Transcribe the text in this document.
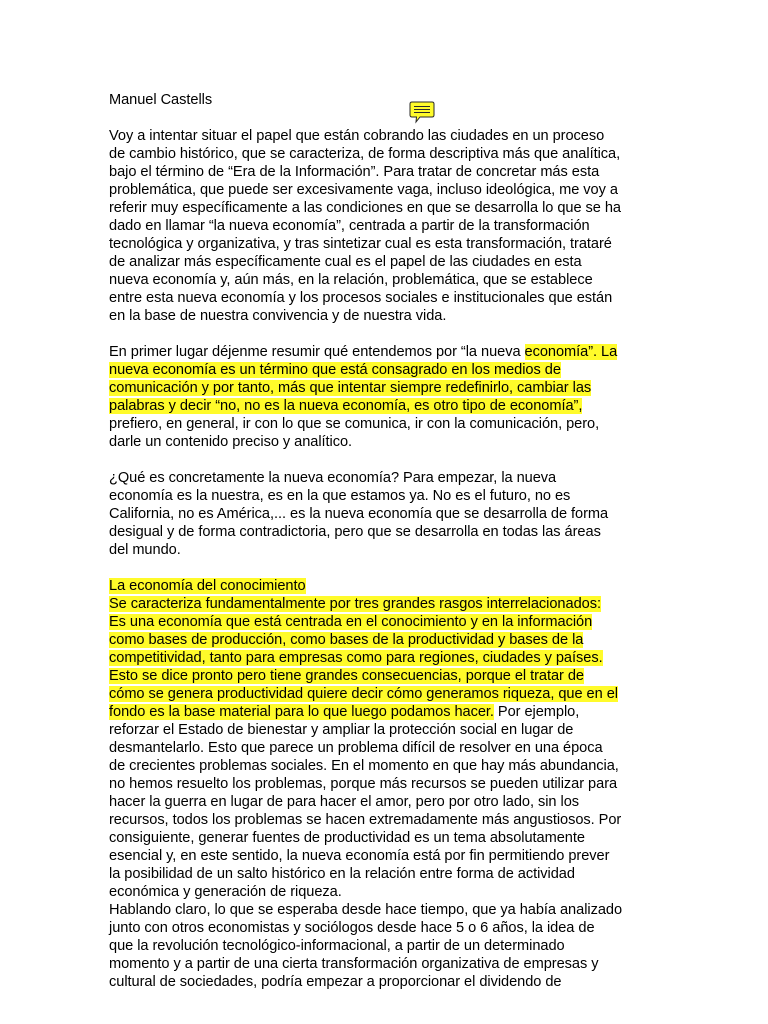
Manuel Castells
Voy a intentar situar el papel que están cobrando las ciudades en un proceso
de cambio histórico, que se caracteriza, de forma descriptiva más que analítica,
bajo el término de “Era de la Información”. Para tratar de concretar más esta
problemática, que puede ser excesivamente vaga, incluso ideológica, me voy a
referir muy específicamente a las condiciones en que se desarrolla lo que se ha
dado en llamar “la nueva economía”, centrada a partir de la transformación
tecnológica y organizativa, y tras sintetizar cual es esta transformación, trataré
de analizar más específicamente cual es el papel de las ciudades en esta
nueva economía y, aún más, en la relación, problemática, que se establece
entre esta nueva economía y los procesos sociales e institucionales que están
en la base de nuestra convivencia y de nuestra vida.
En primer lugar déjenme resumir qué entendemos por “la nueva economía”. La
nueva economía es un término que está consagrado en los medios de
comunicación y por tanto, más que intentar siempre redefinirlo, cambiar las
palabras y decir “no, no es la nueva economía, es otro tipo de economía”,
prefiero, en general, ir con lo que se comunica, ir con la comunicación, pero,
darle un contenido preciso y analítico.
¿Qué es concretamente la nueva economía? Para empezar, la nueva
economía es la nuestra, es en la que estamos ya. No es el futuro, no es
California, no es América,... es la nueva economía que se desarrolla de forma
desigual y de forma contradictoria, pero que se desarrolla en todas las áreas
del mundo.
La economía del conocimiento
Se caracteriza fundamentalmente por tres grandes rasgos interrelacionados:
Es una economía que está centrada en el conocimiento y en la información
como bases de producción, como bases de la productividad y bases de la
competitividad, tanto para empresas como para regiones, ciudades y países.
Esto se dice pronto pero tiene grandes consecuencias, porque el tratar de
cómo se genera productividad quiere decir cómo generamos riqueza, que en el
fondo es la base material para lo que luego podamos hacer. Por ejemplo,
reforzar el Estado de bienestar y ampliar la protección social en lugar de
desmantelarlo. Esto que parece un problema difícil de resolver en una época
de crecientes problemas sociales. En el momento en que hay más abundancia,
no hemos resuelto los problemas, porque más recursos se pueden utilizar para
hacer la guerra en lugar de para hacer el amor, pero por otro lado, sin los
recursos, todos los problemas se hacen extremadamente más angustiosos. Por
consiguiente, generar fuentes de productividad es un tema absolutamente
esencial y, en este sentido, la nueva economía está por fin permitiendo prever
la posibilidad de un salto histórico en la relación entre forma de actividad
económica y generación de riqueza.
Hablando claro, lo que se esperaba desde hace tiempo, que ya había analizado
junto con otros economistas y sociólogos desde hace 5 o 6 años, la idea de
que la revolución tecnológico-informacional, a partir de un determinado
momento y a partir de una cierta transformación organizativa de empresas y
cultural de sociedades, podría empezar a proporcionar el dividendo de
